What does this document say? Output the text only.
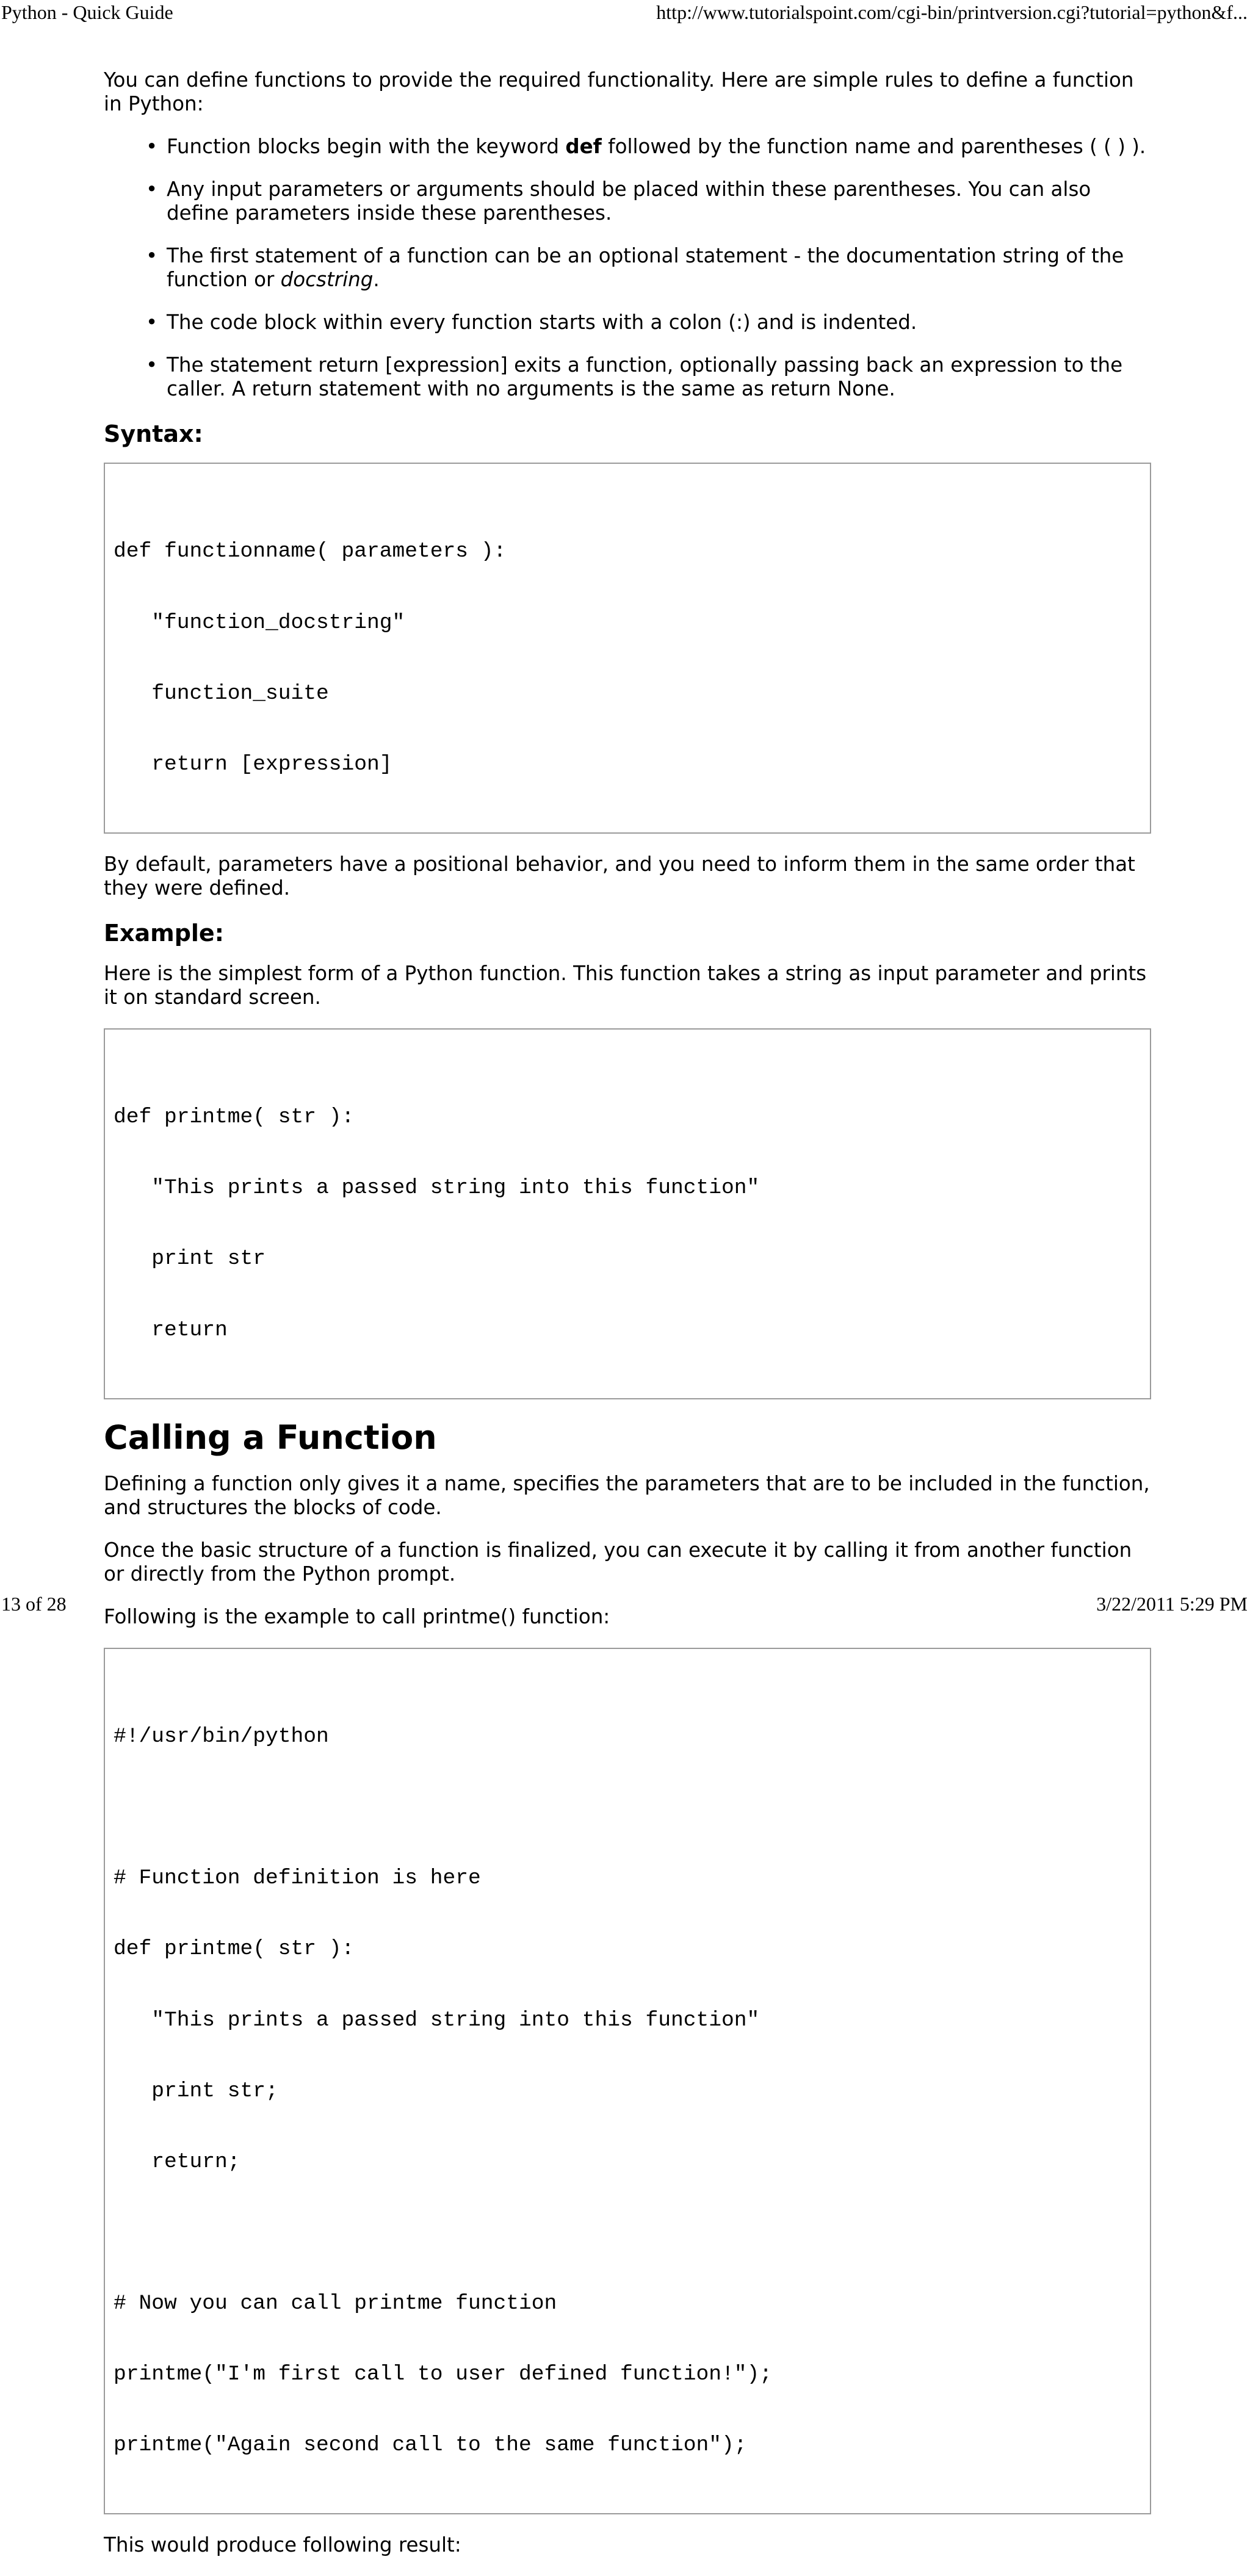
Python - Quick Guide	http://www.tutorialspoint.com/cgi-bin/printversion.cgi?tutorial=python&f...

You can define functions to provide the required functionality. Here are simple rules to define a function in Python:

• Function blocks begin with the keyword def followed by the function name and parentheses ( ( ) ).
• Any input parameters or arguments should be placed within these parentheses. You can also define parameters inside these parentheses.
• The first statement of a function can be an optional statement - the documentation string of the function or docstring.
• The code block within every function starts with a colon (:) and is indented.
• The statement return [expression] exits a function, optionally passing back an expression to the caller. A return statement with no arguments is the same as return None.
Syntax:

def functionname( parameters ):

"function_docstring"

function_suite

return [expression]

By default, parameters have a positional behavior, and you need to inform them in the same order that they were defined.

Example:

Here is the simplest form of a Python function. This function takes a string as input parameter and prints it on standard screen.

def printme( str ):

"This prints a passed string into this function"

print str

return

Calling a Function

Defining a function only gives it a name, specifies the parameters that are to be included in the function, and structures the blocks of code.

Once the basic structure of a function is finalized, you can execute it by calling it from another function or directly from the Python prompt.

Following is the example to call printme() function:

#!/usr/bin/python

# Function definition is here

def printme( str ):

"This prints a passed string into this function"

print str;

return;

# Now you can call printme function

printme("I'm first call to user defined function!");

printme("Again second call to the same function");

This would produce following result:

13 of 28	3/22/2011 5:29 PM
